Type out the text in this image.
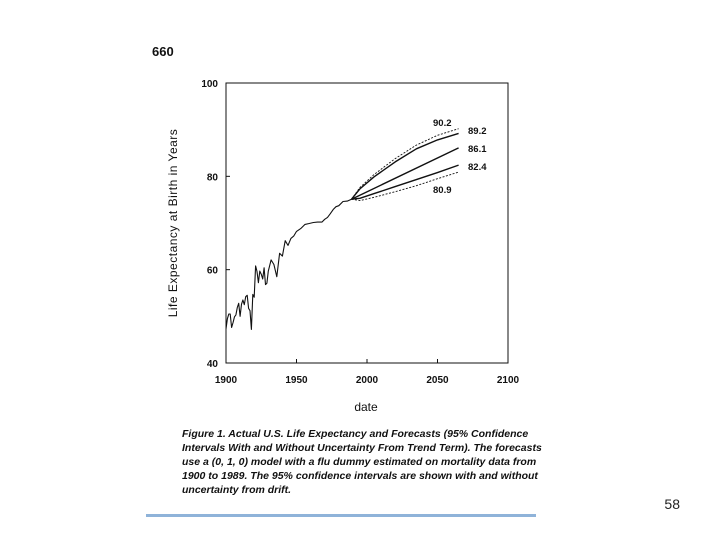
660
1900	1950	2000	2050	2100
40
60
80
100
90.2
89.2
86.1
82.4
80.9
date
Life Expectancy at Birth in Years
Figure 1. Actual U.S. Life Expectancy and Forecasts (95% Confidence Intervals With and Without Uncertainty From Trend Term). The forecasts use a (0, 1, 0) model with a flu dummy estimated on mortality data from 1900 to 1989. The 95% confidence intervals are shown with and without uncertainty from drift.
58
